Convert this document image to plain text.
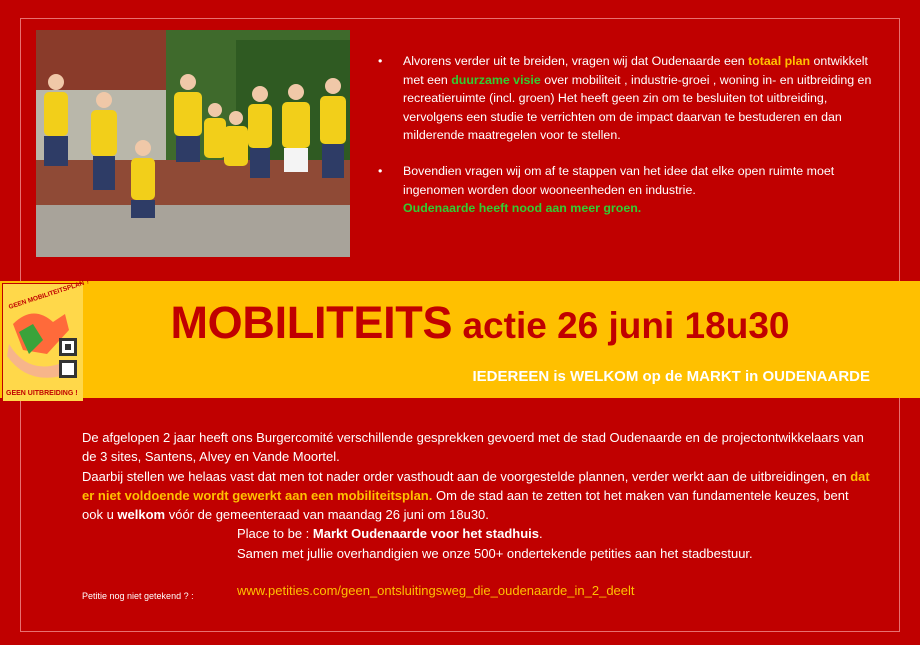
•	Alvorens verder uit te breiden, vragen wij dat Oudenaarde een totaal plan ontwikkelt met een duurzame visie over mobiliteit , industrie-groei , woning in- en uitbreiding en recreatieruimte (incl. groen) Het heeft geen zin om te besluiten tot uitbreiding, vervolgens een studie te verrichten om de impact daarvan te bestuderen en dan milderende maatregelen voor te stellen.
•	Bovendien vragen wij om af te stappen van het idee dat elke open ruimte moet ingenomen worden door wooneenheden en industrie.
Oudenaarde heeft nood aan meer groen.
MOBILITEITS actie 26 juni 18u30
IEDEREEN is WELKOM op de MARKT in OUDENAARDE
GEEN MOBILITEITSPLAN ?
GEEN UITBREIDING !

De afgelopen 2 jaar heeft ons Burgercomité verschillende gesprekken gevoerd met de stad Oudenaarde en de projectontwikkelaars van de 3 sites, Santens, Alvey en Vande Moortel.

Daarbij stellen we helaas vast dat men tot nader order vasthoudt aan de voorgestelde plannen, verder werkt aan de uitbreidingen, en dat er niet voldoende wordt gewerkt aan een mobiliteitsplan. Om de stad aan te zetten tot het maken van fundamentele keuzes, bent ook u welkom vóór de gemeenteraad van maandag 26 juni om 18u30.

Place to be : Markt Oudenaarde voor het stadhuis.

Samen met jullie overhandigien we onze 500+ ondertekende petities aan het stadbestuur.

Petitie nog niet getekend ? :	www.petities.com/geen_ontsluitingsweg_die_oudenaarde_in_2_deelt
